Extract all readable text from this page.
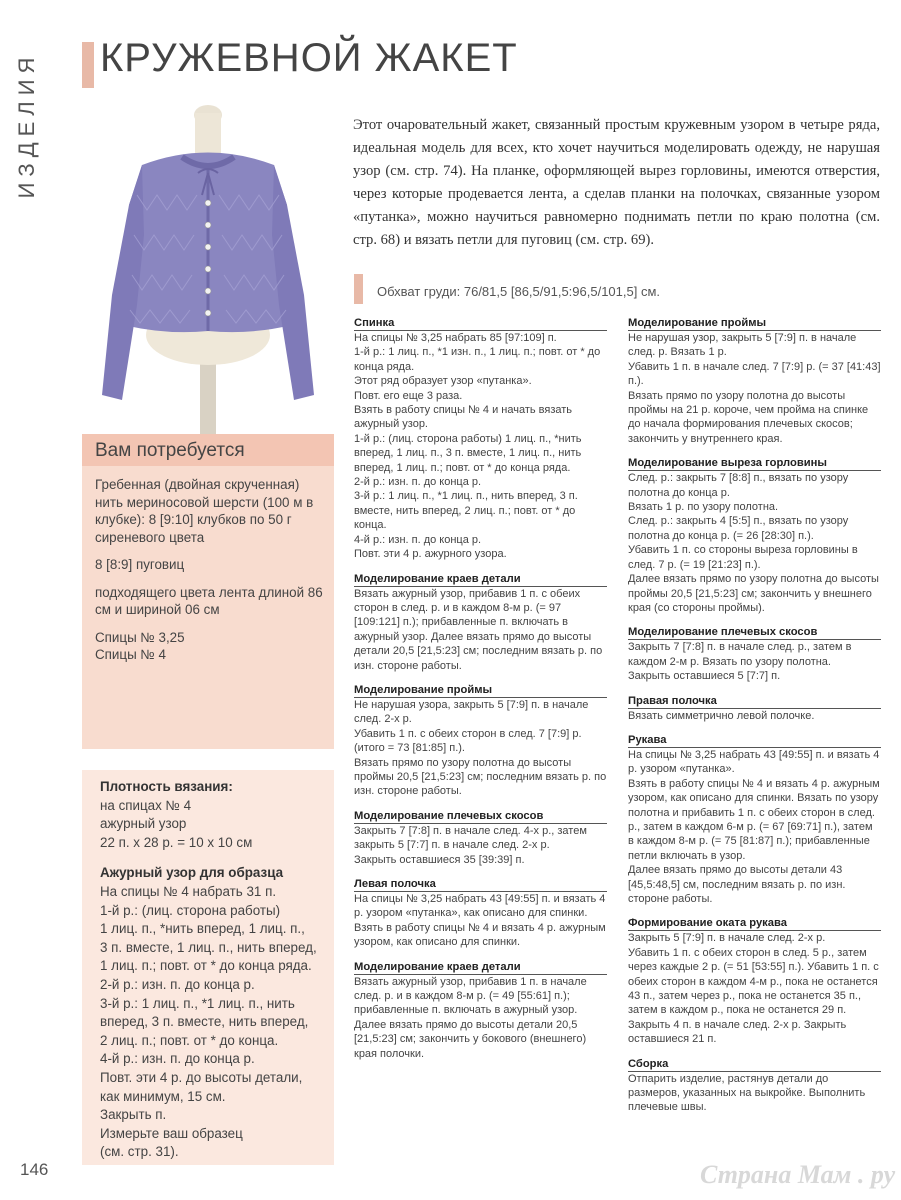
ИЗДЕЛИЯ КРУЖЕВНОЙ ЖАКЕТ
Этот очаровательный жакет, связанный простым кружевным узором в четыре ряда, идеальная модель для всех, кто хочет научиться моделировать одежду, не нарушая узор (см. стр. 74). На планке, оформляющей вырез горловины, имеются отверстия, через которые продевается лента, а сделав планки на полочках, связанные узором «путанка», можно научиться равномерно поднимать петли по краю полотна (см. стр. 68) и вязать петли для пуговиц (см. стр. 69).
Обхват груди: 76/81,5 [86,5/91,5:96,5/101,5] см.
Вам потребуется

Гребенная (двойная скрученная) нить мериносовой шерсти (100 м в клубке): 8 [9:10] клубков по 50 г сиреневого цвета

8 [8:9] пуговиц

подходящего цвета лента длиной 86 см и шириной 06 см

Спицы № 3,25
Спицы № 4

Плотность вязания:

на спицах № 4

ажурный узор

22 п. х 28 р. = 10 х 10 см

Ажурный узор для образца

На спицы № 4 набрать 31 п.

1-й р.: (лиц. сторона работы)

1 лиц. п., *нить вперед, 1 лиц. п.,

3 п. вместе, 1 лиц. п., нить вперед,

1 лиц. п.; повт. от * до конца ряда.

2-й р.: изн. п. до конца р.

3-й р.: 1 лиц. п., *1 лиц. п., нить

вперед, 3 п. вместе, нить вперед,

2 лиц. п.; повт. от * до конца.

4-й р.: изн. п. до конца р.

Повт. эти 4 р. до высоты детали,

как минимум, 15 см.

Закрыть п.

Измерьте ваш образец

(см. стр. 31).

Спинка

На спицы № 3,25 набрать 85 [97:109] п.

1-й р.: 1 лиц. п., *1 изн. п., 1 лиц. п.; повт. от * до конца ряда.

Этот ряд образует узор «путанка».

Повт. его еще 3 раза.

Взять в работу спицы № 4 и начать вязать ажурный узор.

1-й р.: (лиц. сторона работы) 1 лиц. п., *нить вперед, 1 лиц. п., 3 п. вместе, 1 лиц. п., нить вперед, 1 лиц. п.; повт. от * до конца ряда.

2-й р.: изн. п. до конца р.

3-й р.: 1 лиц. п., *1 лиц. п., нить вперед, 3 п. вместе, нить вперед, 2 лиц. п.; повт. от * до конца.

4-й р.: изн. п. до конца р.

Повт. эти 4 р. ажурного узора.

Моделирование краев детали

Вязать ажурный узор, прибавив 1 п. с обеих сторон в след. р. и в каждом 8-м р. (= 97 [109:121] п.); прибавленные п. включать в ажурный узор. Далее вязать прямо до высоты детали 20,5 [21,5:23] см; последним вязать р. по изн. стороне работы.

Моделирование проймы

Не нарушая узора, закрыть 5 [7:9] п. в начале след. 2-х р.

Убавить 1 п. с обеих сторон в след. 7 [7:9] р. (итого = 73 [81:85] п.).

Вязать прямо по узору полотна до высоты проймы 20,5 [21,5:23] см; последним вязать р. по изн. стороне работы.

Моделирование плечевых скосов

Закрыть 7 [7:8] п. в начале след. 4-х р., затем закрыть 5 [7:7] п. в начале след. 2-х р.

Закрыть оставшиеся 35 [39:39] п.

Левая полочка

На спицы № 3,25 набрать 43 [49:55] п. и вязать 4 р. узором «путанка», как описано для спинки.

Взять в работу спицы № 4 и вязать 4 р. ажурным узором, как описано для спинки.

Моделирование краев детали

Вязать ажурный узор, прибавив 1 п. в начале след. р. и в каждом 8-м р. (= 49 [55:61] п.); прибавленные п. включать в ажурный узор. Далее вязать прямо до высоты детали 20,5 [21,5:23] см; закончить у бокового (внешнего) края полочки.

Моделирование проймы

Не нарушая узор, закрыть 5 [7:9] п. в начале след. р. Вязать 1 р.

Убавить 1 п. в начале след. 7 [7:9] р. (= 37 [41:43] п.).

Вязать прямо по узору полотна до высоты проймы на 21 р. короче, чем пройма на спинке до начала формирования плечевых скосов; закончить у внутреннего края.

Моделирование выреза горловины

След. р.: закрыть 7 [8:8] п., вязать по узору полотна до конца р.

Вязать 1 р. по узору полотна.

След. р.: закрыть 4 [5:5] п., вязать по узору полотна до конца р. (= 26 [28:30] п.).

Убавить 1 п. со стороны выреза горловины в след. 7 р. (= 19 [21:23] п.).

Далее вязать прямо по узору полотна до высоты проймы 20,5 [21,5:23] см; закончить у внешнего края (со стороны проймы).

Моделирование плечевых скосов

Закрыть 7 [7:8] п. в начале след. р., затем в каждом 2-м р. Вязать по узору полотна.

Закрыть оставшиеся 5 [7:7] п.

Правая полочка

Вязать симметрично левой полочке.

Рукава

На спицы № 3,25 набрать 43 [49:55] п. и вязать 4 р. узором «путанка».

Взять в работу спицы № 4 и вязать 4 р. ажурным узором, как описано для спинки. Вязать по узору полотна и прибавить 1 п. с обеих сторон в след. р., затем в каждом 6-м р. (= 67 [69:71] п.), затем в каждом 8-м р. (= 75 [81:87] п.); прибавленные петли включать в узор.

Далее вязать прямо до высоты детали 43 [45,5:48,5] см, последним вязать р. по изн. стороне работы.

Формирование оката рукава

Закрыть 5 [7:9] п. в начале след. 2-х р.

Убавить 1 п. с обеих сторон в след. 5 р., затем через каждые 2 р. (= 51 [53:55] п.). Убавить 1 п. с обеих сторон в каждом 4-м р., пока не останется 43 п., затем через р., пока не останется 35 п., затем в каждом р., пока не останется 29 п. Закрыть 4 п. в начале след. 2-х р. Закрыть оставшиеся 21 п.

Сборка

Отпарить изделие, растянув детали до размеров, указанных на выкройке. Выполнить плечевые швы.

146	Страна Мам . ру
